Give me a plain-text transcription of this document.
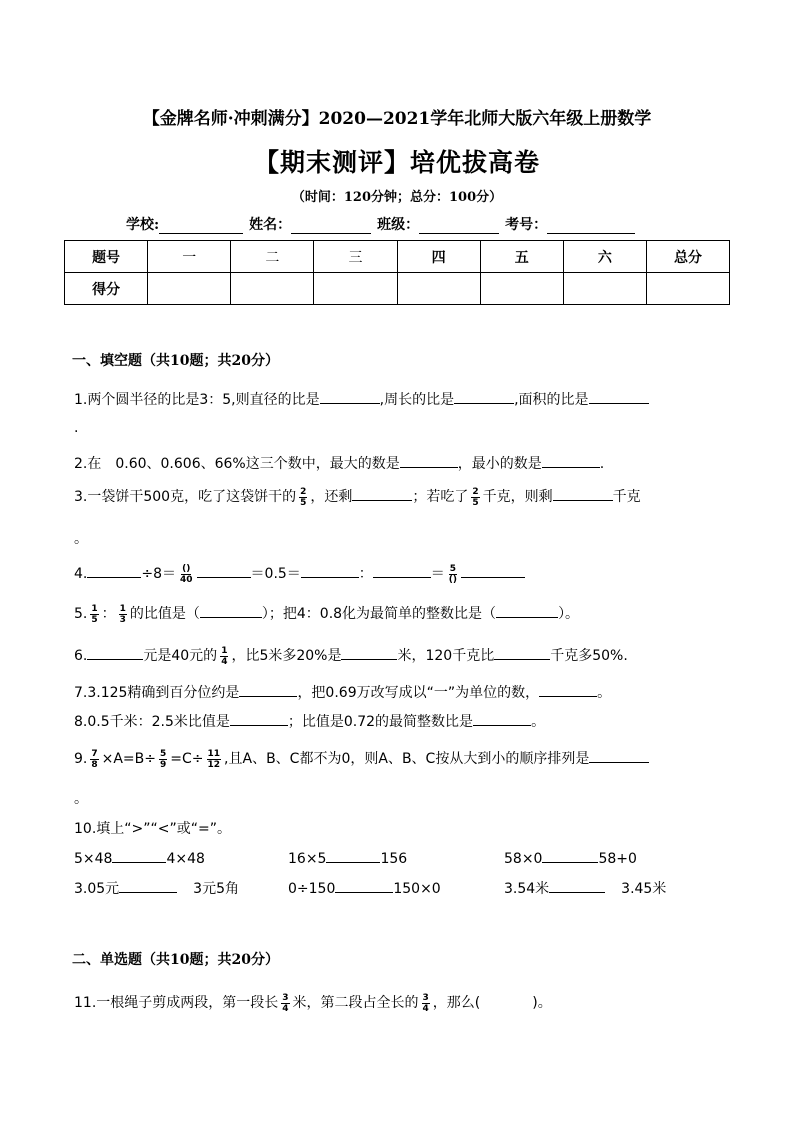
【金牌名师·冲刺满分】2020—2021学年北师大版六年级上册数学
【期末测评】培优拔高卷
（时间：120分钟；总分：100分）
学校:	姓名：	班级：	考号：
题号	一	二	三	四	五	六	总分
得分							
一、填空题（共10题；共20分）
1.两个圆半径的比是3：5,则直径的比是	,周长的比是	,面积的比是
.
2.在　0.60、0.606、66%这三个数中，最大的数是	，最小的数是	.
3.一袋饼干500克，吃了这袋饼干的 $\frac{2}{5}$ ，还剩	；若吃了 $\frac{2}{5}$ 千克，则剩	千克
。
4.	$\div 8= \frac{()}{40}$	＝0.5＝	：	＝ $\frac{5}{()}$
5. $\frac{1}{5}$ ： $\frac{1}{3}$ 的比值是（	）；把4：0.8化为最简单的整数比是（	）。
6.	元是40元的 $\frac{1}{4}$ ，比5米多20%是	米，120千克比	千克多50%.
7.3.125精确到百分位约是	，把0.69万改写成以“一”为单位的数，	。
8.0.5千米：2.5米比值是	；比值是0.72的最简整数比是	。
9. $\frac{7}{8} \times A=B\div \frac{5}{9} =C\div \frac{11}{12}$ ,且A、B、C都不为0，则A、B、C按从大到小的顺序排列是
。
10.填上“>”“<”或“=”。
5×48	4×48	16×5	156	58×0	58+0
3.05元	3元5角	0÷150	150×0	3.54米	3.45米
二、单选题（共10题；共20分）
11.一根绳子剪成两段，第一段长 $\frac{3}{4}$ 米，第二段占全长的 $\frac{3}{4}$ ，那么(	)。
